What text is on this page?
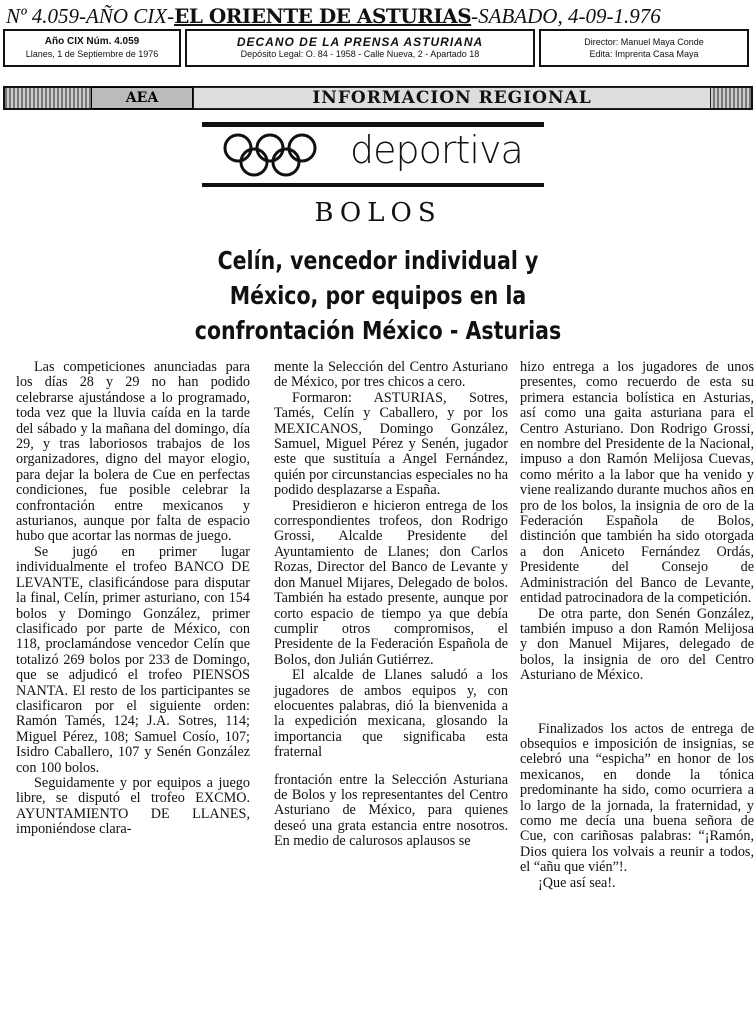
Nº 4.059-AÑO CIX- EL ORIENTE DE ASTURIAS -SABADO, 4-09-1.976
Año CIX Núm. 4.059
Llanes, 1 de Septiembre de 1976
DECANO DE LA PRENSA ASTURIANA
Depósito Legal: O. 84 - 1958 - Calle Nueva, 2 - Apartado 18
Director: Manuel Maya Conde
Edita: Imprenta Casa Maya
AEA	INFORMACION REGIONAL
deportiva
BOLOS
Celín, vencedor individual y México, por equipos en la confrontación México - Asturias

Las competiciones anunciadas para los días 28 y 29 no han podido celebrarse ajustándose a lo programado, toda vez que la lluvia caída en la tarde del sábado y la mañana del domingo, día 29, y tras laboriosos trabajos de los organizadores, digno del mayor elogio, para dejar la bolera de Cue en perfectas condiciones, fue posible celebrar la confrontación entre mexicanos y asturianos, aunque por falta de espacio hubo que acortar las normas de juego.

Se jugó en primer lugar individualmente el trofeo BANCO DE LEVANTE, clasificándose para disputar la final, Celín, primer asturiano, con 154 bolos y Domingo González, primer clasificado por parte de México, con 118, proclamándose vencedor Celín que totalizó 269 bolos por 233 de Domingo, que se adjudicó el trofeo PIENSOS NANTA. El resto de los participantes se clasificaron por el siguiente orden: Ramón Tamés, 124; J.A. Sotres, 114; Miguel Pérez, 108; Samuel Cosío, 107; Isidro Caballero, 107 y Senén González con 100 bolos.

Seguidamente y por equipos a juego libre, se disputó el trofeo EXCMO. AYUNTAMIENTO DE LLANES, imponiéndose clara-

mente la Selección del Centro Asturiano de México, por tres chicos a cero.

Formaron: ASTURIAS, Sotres, Tamés, Celín y Caballero, y por los MEXICANOS, Domingo González, Samuel, Miguel Pérez y Senén, jugador este que sustituía a Angel Fernández, quién por circunstancias especiales no ha podido desplazarse a España.

Presidieron e hicieron entrega de los correspondientes trofeos, don Rodrigo Grossi, Alcalde Presidente del Ayuntamiento de Llanes; don Carlos Rozas, Director del Banco de Levante y don Manuel Mijares, Delegado de bolos. También ha estado presente, aunque por corto espacio de tiempo ya que debía cumplir otros compromisos, el Presidente de la Federación Española de Bolos, don Julián Gutiérrez.

El alcalde de Llanes saludó a los jugadores de ambos equipos y, con elocuentes palabras, dió la bienvenida a la expedición mexicana, glosando la importancia que significaba esta fraternal

frontación entre la Selección Asturiana de Bolos y los representantes del Centro Asturiano de México, para quienes deseó una grata estancia entre nosotros. En medio de calurosos aplausos se

hizo entrega a los jugadores de unos presentes, como recuerdo de esta su primera estancia bolística en Asturias, así como una gaita asturiana para el Centro Asturiano. Don Rodrigo Grossi, en nombre del Presidente de la Nacional, impuso a don Ramón Melijosa Cuevas, como mérito a la labor que ha venido y viene realizando durante muchos años en pro de los bolos, la insignia de oro de la Federación Española de Bolos, distinción que también ha sido otorgada a don Aniceto Fernández Ordás, Presidente del Consejo de Administración del Banco de Levante, entidad patrocinadora de la competición.

De otra parte, don Senén González, también impuso a don Ramón Melijosa y don Manuel Mijares, delegado de bolos, la insignia de oro del Centro Asturiano de México.

Finalizados los actos de entrega de obsequios e imposición de insignias, se celebró una “espicha” en honor de los mexicanos, en donde la tónica predominante ha sido, como ocurriera a lo largo de la jornada, la fraternidad, y como me decía una buena señora de Cue, con cariñosas palabras: “¡Ramón, Dios quiera los volvais a reunir a todos, el “añu que vién”!.

¡Que así sea!.
